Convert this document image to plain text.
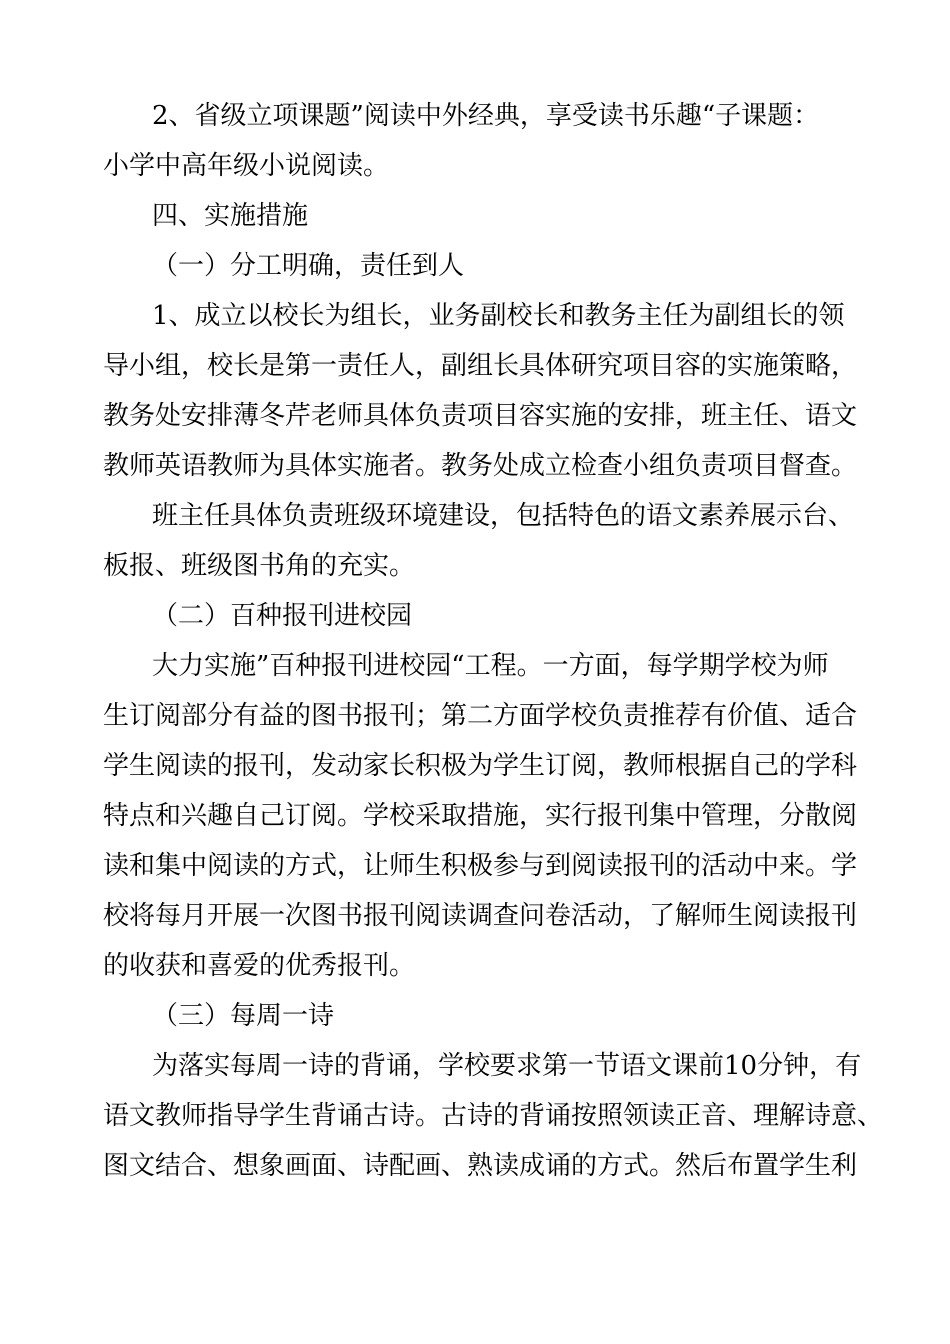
2、省级立项课题”阅读中外经典，享受读书乐趣“子课题：
小学中高年级小说阅读。
四、实施措施
（一）分工明确，责任到人
1、成立以校长为组长，业务副校长和教务主任为副组长的领
导小组，校长是第一责任人，副组长具体研究项目容的实施策略，
教务处安排薄冬芹老师具体负责项目容实施的安排，班主任、语文
教师英语教师为具体实施者。教务处成立检查小组负责项目督查。
班主任具体负责班级环境建设，包括特色的语文素养展示台、
板报、班级图书角的充实。
（二）百种报刊进校园
大力实施”百种报刊进校园“工程。一方面，每学期学校为师
生订阅部分有益的图书报刊；第二方面学校负责推荐有价值、适合
学生阅读的报刊，发动家长积极为学生订阅，教师根据自己的学科
特点和兴趣自己订阅。学校采取措施，实行报刊集中管理，分散阅
读和集中阅读的方式，让师生积极参与到阅读报刊的活动中来。学
校将每月开展一次图书报刊阅读调查问卷活动，了解师生阅读报刊
的收获和喜爱的优秀报刊。
（三）每周一诗
为落实每周一诗的背诵，学校要求第一节语文课前10分钟，有
语文教师指导学生背诵古诗。古诗的背诵按照领读正音、理解诗意、
图文结合、想象画面、诗配画、熟读成诵的方式。然后布置学生利
